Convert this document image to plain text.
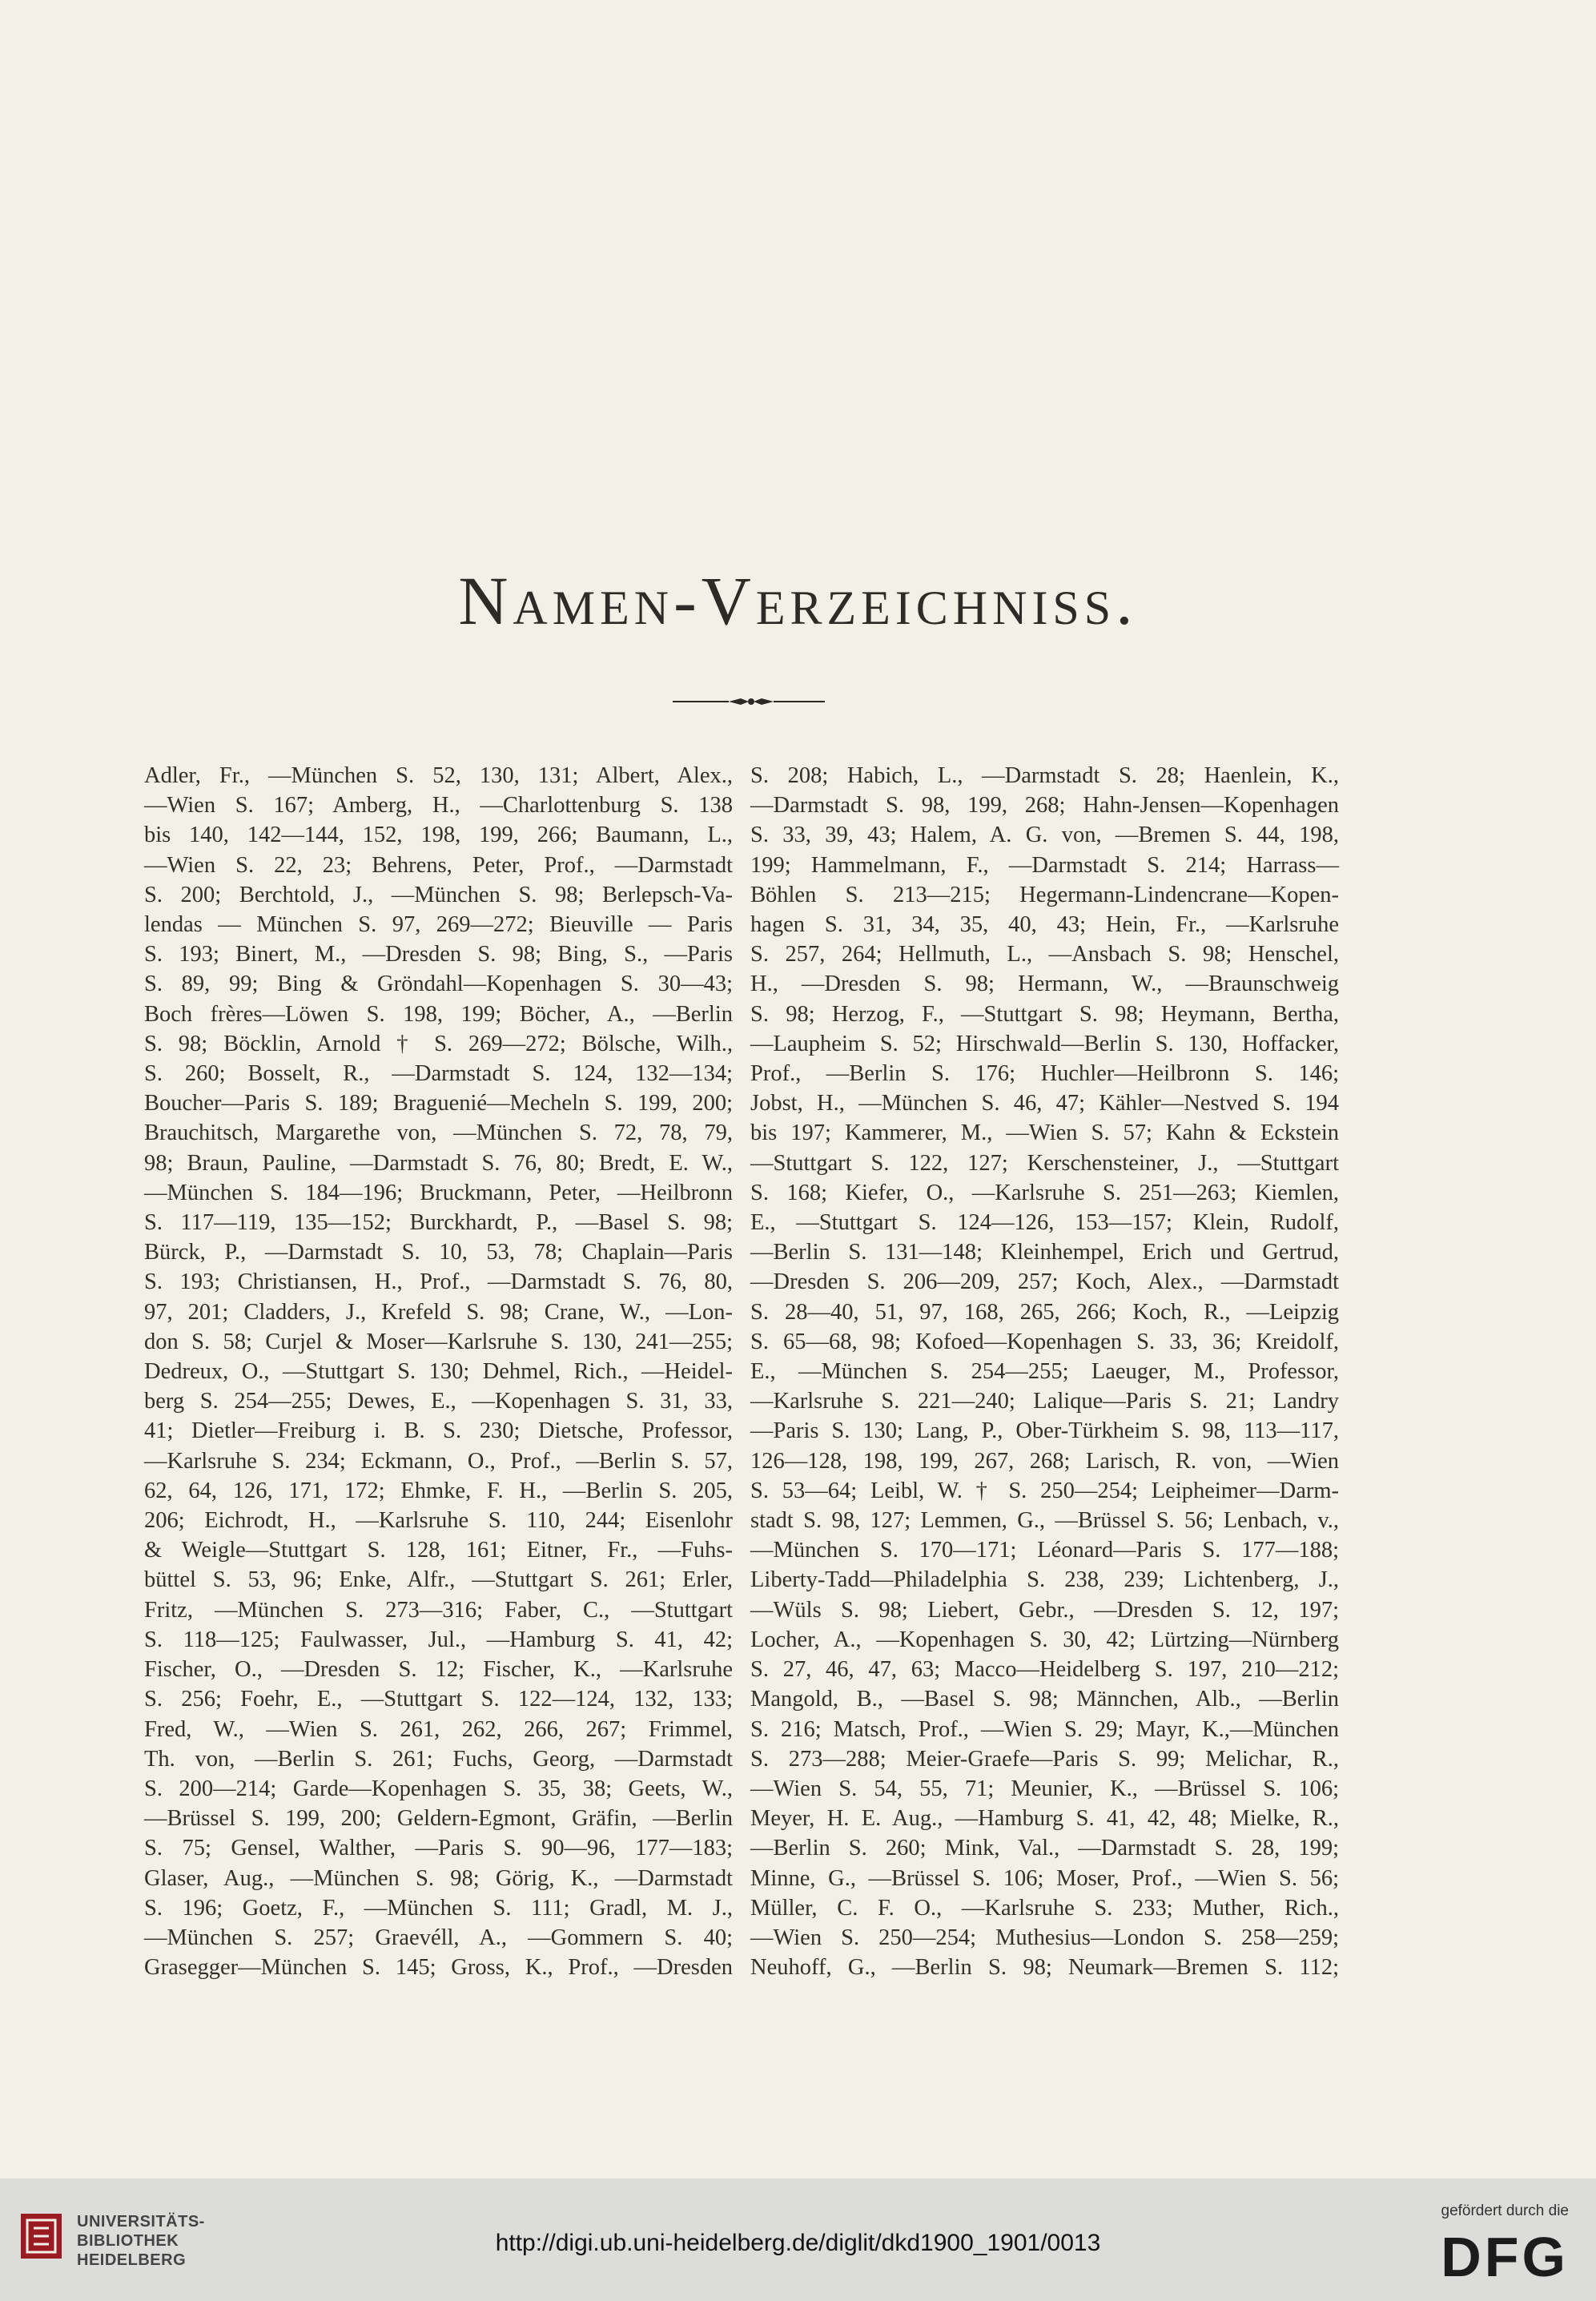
Namen-Verzeichniss.
Adler, Fr., —München S. 52, 130, 131; Albert, Alex.,
—Wien S. 167; Amberg, H., —Charlottenburg S. 138
bis 140, 142—144, 152, 198, 199, 266; Baumann, L.,
—Wien S. 22, 23; Behrens, Peter, Prof., —Darmstadt
S. 200; Berchtold, J., —München S. 98; Berlepsch-Va-
lendas — München S. 97, 269—272; Bieuville — Paris
S. 193; Binert, M., —Dresden S. 98; Bing, S., —Paris
S. 89, 99; Bing & Gröndahl—Kopenhagen S. 30—43;
Boch frères—Löwen S. 198, 199; Böcher, A., —Berlin
S. 98; Böcklin, Arnold † S. 269—272; Bölsche, Wilh.,
S. 260; Bosselt, R., —Darmstadt S. 124, 132—134;
Boucher—Paris S. 189; Braguenié—Mecheln S. 199, 200;
Brauchitsch, Margarethe von, —München S. 72, 78, 79,
98; Braun, Pauline, —Darmstadt S. 76, 80; Bredt, E. W.,
—München S. 184—196; Bruckmann, Peter, —Heilbronn
S. 117—119, 135—152; Burckhardt, P., —Basel S. 98;
Bürck, P., —Darmstadt S. 10, 53, 78; Chaplain—Paris
S. 193; Christiansen, H., Prof., —Darmstadt S. 76, 80,
97, 201; Cladders, J., Krefeld S. 98; Crane, W., —Lon-
don S. 58; Curjel & Moser—Karlsruhe S. 130, 241—255;
Dedreux, O., —Stuttgart S. 130; Dehmel, Rich., —Heidel-
berg S. 254—255; Dewes, E., —Kopenhagen S. 31, 33,
41; Dietler—Freiburg i. B. S. 230; Dietsche, Professor,
—Karlsruhe S. 234; Eckmann, O., Prof., —Berlin S. 57,
62, 64, 126, 171, 172; Ehmke, F. H., —Berlin S. 205,
206; Eichrodt, H., —Karlsruhe S. 110, 244; Eisenlohr
& Weigle—Stuttgart S. 128, 161; Eitner, Fr., —Fuhs-
büttel S. 53, 96; Enke, Alfr., —Stuttgart S. 261; Erler,
Fritz, —München S. 273—316; Faber, C., —Stuttgart
S. 118—125; Faulwasser, Jul., —Hamburg S. 41, 42;
Fischer, O., —Dresden S. 12; Fischer, K., —Karlsruhe
S. 256; Foehr, E., —Stuttgart S. 122—124, 132, 133;
Fred, W., —Wien S. 261, 262, 266, 267; Frimmel,
Th. von, —Berlin S. 261; Fuchs, Georg, —Darmstadt
S. 200—214; Garde—Kopenhagen S. 35, 38; Geets, W.,
—Brüssel S. 199, 200; Geldern-Egmont, Gräfin, —Berlin
S. 75; Gensel, Walther, —Paris S. 90—96, 177—183;
Glaser, Aug., —München S. 98; Görig, K., —Darmstadt
S. 196; Goetz, F., —München S. 111; Gradl, M. J.,
—München S. 257; Graevéll, A., —Gommern S. 40;
Grasegger—München S. 145; Gross, K., Prof., —Dresden
S. 208; Habich, L., —Darmstadt S. 28; Haenlein, K.,
—Darmstadt S. 98, 199, 268; Hahn-Jensen—Kopenhagen
S. 33, 39, 43; Halem, A. G. von, —Bremen S. 44, 198,
199; Hammelmann, F., —Darmstadt S. 214; Harrass—
Böhlen S. 213—215; Hegermann-Lindencrane—Kopen-
hagen S. 31, 34, 35, 40, 43; Hein, Fr., —Karlsruhe
S. 257, 264; Hellmuth, L., —Ansbach S. 98; Henschel,
H., —Dresden S. 98; Hermann, W., —Braunschweig
S. 98; Herzog, F., —Stuttgart S. 98; Heymann, Bertha,
—Laupheim S. 52; Hirschwald—Berlin S. 130, Hoffacker,
Prof., —Berlin S. 176; Huchler—Heilbronn S. 146;
Jobst, H., —München S. 46, 47; Kähler—Nestved S. 194
bis 197; Kammerer, M., —Wien S. 57; Kahn & Eckstein
—Stuttgart S. 122, 127; Kerschensteiner, J., —Stuttgart
S. 168; Kiefer, O., —Karlsruhe S. 251—263; Kiemlen,
E., —Stuttgart S. 124—126, 153—157; Klein, Rudolf,
—Berlin S. 131—148; Kleinhempel, Erich und Gertrud,
—Dresden S. 206—209, 257; Koch, Alex., —Darmstadt
S. 28—40, 51, 97, 168, 265, 266; Koch, R., —Leipzig
S. 65—68, 98; Kofoed—Kopenhagen S. 33, 36; Kreidolf,
E., —München S. 254—255; Laeuger, M., Professor,
—Karlsruhe S. 221—240; Lalique—Paris S. 21; Landry
—Paris S. 130; Lang, P., Ober-Türkheim S. 98, 113—117,
126—128, 198, 199, 267, 268; Larisch, R. von, —Wien
S. 53—64; Leibl, W. † S. 250—254; Leipheimer—Darm-
stadt S. 98, 127; Lemmen, G., —Brüssel S. 56; Lenbach, v.,
—München S. 170—171; Léonard—Paris S. 177—188;
Liberty-Tadd—Philadelphia S. 238, 239; Lichtenberg, J.,
—Wüls S. 98; Liebert, Gebr., —Dresden S. 12, 197;
Locher, A., —Kopenhagen S. 30, 42; Lürtzing—Nürnberg
S. 27, 46, 47, 63; Macco—Heidelberg S. 197, 210—212;
Mangold, B., —Basel S. 98; Männchen, Alb., —Berlin
S. 216; Matsch, Prof., —Wien S. 29; Mayr, K.,—München
S. 273—288; Meier-Graefe—Paris S. 99; Melichar, R.,
—Wien S. 54, 55, 71; Meunier, K., —Brüssel S. 106;
Meyer, H. E. Aug., —Hamburg S. 41, 42, 48; Mielke, R.,
—Berlin S. 260; Mink, Val., —Darmstadt S. 28, 199;
Minne, G., —Brüssel S. 106; Moser, Prof., —Wien S. 56;
Müller, C. F. O., —Karlsruhe S. 233; Muther, Rich.,
—Wien S. 250—254; Muthesius—London S. 258—259;
Neuhoff, G., —Berlin S. 98; Neumark—Bremen S. 112;
UNIVERSITÄTS-
BIBLIOTHEK
HEIDELBERG
http://digi.ub.uni-heidelberg.de/diglit/dkd1900_1901/0013
gefördert durch die
DFG
